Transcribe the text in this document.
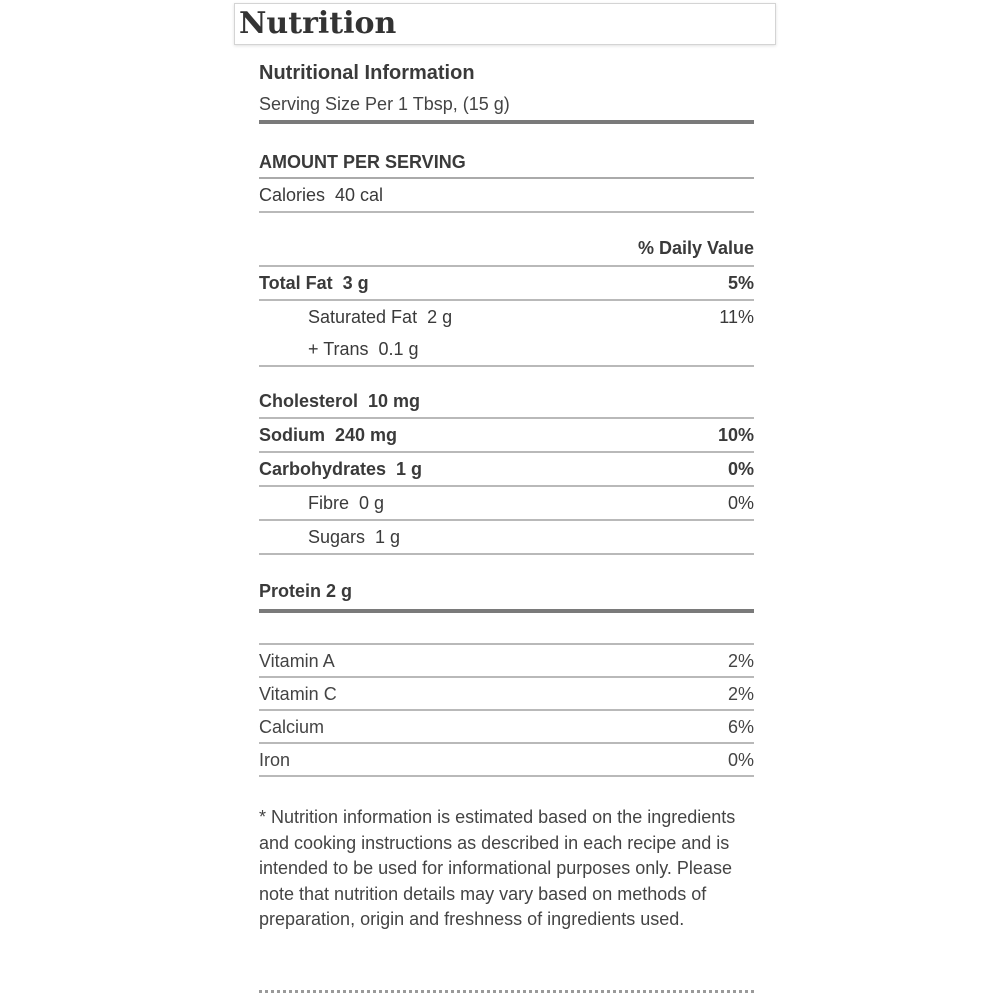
Nutrition
Nutritional Information
Serving Size Per 1 Tbsp, (15 g)
AMOUNT PER SERVING
Calories  40 cal
% Daily Value
Total Fat  3 g	5%
Saturated Fat  2 g	11%
+ Trans  0.1 g
Cholesterol  10 mg
Sodium  240 mg	10%
Carbohydrates  1 g	0%
Fibre  0 g	0%
Sugars  1 g
Protein 2 g
Vitamin A	2%
Vitamin C	2%
Calcium	6%
Iron	0%
* Nutrition information is estimated based on the ingredients and cooking instructions as described in each recipe and is intended to be used for informational purposes only. Please note that nutrition details may vary based on methods of preparation, origin and freshness of ingredients used.
